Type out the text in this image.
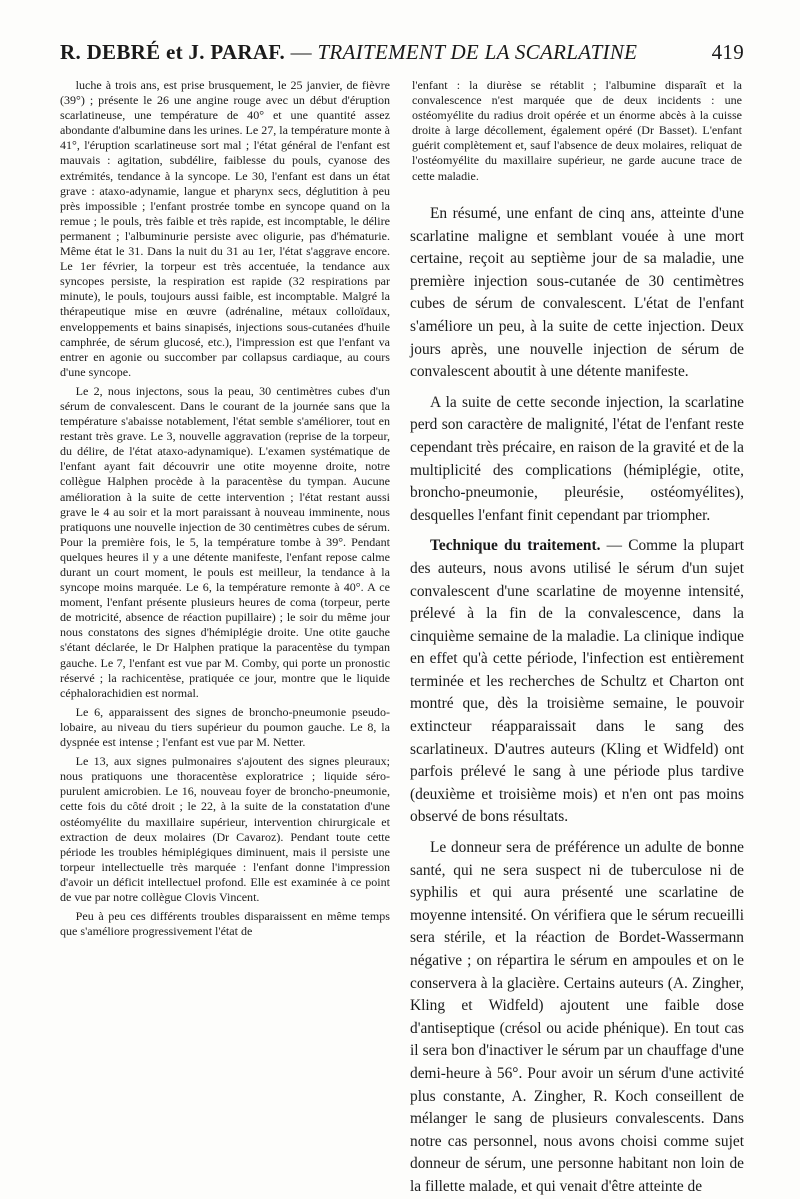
R. DEBRÉ et J. PARAF. — TRAITEMENT DE LA SCARLATINE	419

luche à trois ans, est prise brusquement, le 25 janvier, de fièvre (39°) ; présente le 26 une angine rouge avec un début d'éruption scarlatineuse, une température de 40° et une quantité assez abondante d'albumine dans les urines. Le 27, la température monte à 41°, l'éruption scarlatineuse sort mal ; l'état général de l'enfant est mauvais : agitation, subdélire, faiblesse du pouls, cyanose des extrémités, tendance à la syncope. Le 30, l'enfant est dans un état grave : ataxo-adynamie, langue et pharynx secs, déglutition à peu près impossible ; l'enfant prostrée tombe en syncope quand on la remue ; le pouls, très faible et très rapide, est incomptable, le délire permanent ; l'albuminurie persiste avec oligurie, pas d'hématurie. Même état le 31. Dans la nuit du 31 au 1er, l'état s'aggrave encore. Le 1er février, la torpeur est très accentuée, la tendance aux syncopes persiste, la respiration est rapide (32 respirations par minute), le pouls, toujours aussi faible, est incomptable. Malgré la thérapeutique mise en œuvre (adrénaline, métaux colloïdaux, enveloppements et bains sinapisés, injections sous-cutanées d'huile camphrée, de sérum glucosé, etc.), l'impression est que l'enfant va entrer en agonie ou succomber par collapsus cardiaque, au cours d'une syncope.

Le 2, nous injectons, sous la peau, 30 centimètres cubes d'un sérum de convalescent. Dans le courant de la journée sans que la température s'abaisse notablement, l'état semble s'améliorer, tout en restant très grave. Le 3, nouvelle aggravation (reprise de la torpeur, du délire, de l'état ataxo-adynamique). L'examen systématique de l'enfant ayant fait découvrir une otite moyenne droite, notre collègue Halphen procède à la paracentèse du tympan. Aucune amélioration à la suite de cette intervention ; l'état restant aussi grave le 4 au soir et la mort paraissant à nouveau imminente, nous pratiquons une nouvelle injection de 30 centimètres cubes de sérum. Pour la première fois, le 5, la température tombe à 39°. Pendant quelques heures il y a une détente manifeste, l'enfant repose calme durant un court moment, le pouls est meilleur, la tendance à la syncope moins marquée. Le 6, la température remonte à 40°. A ce moment, l'enfant présente plusieurs heures de coma (torpeur, perte de motricité, absence de réaction pupillaire) ; le soir du même jour nous constatons des signes d'hémiplégie droite. Une otite gauche s'étant déclarée, le Dr Halphen pratique la paracentèse du tympan gauche. Le 7, l'enfant est vue par M. Comby, qui porte un pronostic réservé ; la rachicentèse, pratiquée ce jour, montre que le liquide céphalorachidien est normal.

Le 6, apparaissent des signes de broncho-pneumonie pseudo-lobaire, au niveau du tiers supérieur du poumon gauche. Le 8, la dyspnée est intense ; l'enfant est vue par M. Netter.

Le 13, aux signes pulmonaires s'ajoutent des signes pleuraux; nous pratiquons une thoracentèse exploratrice ; liquide séro-purulent amicrobien. Le 16, nouveau foyer de broncho-pneumonie, cette fois du côté droit ; le 22, à la suite de la constatation d'une ostéomyélite du maxillaire supérieur, intervention chirurgicale et extraction de deux molaires (Dr Cavaroz). Pendant toute cette période les troubles hémiplégiques diminuent, mais il persiste une torpeur intellectuelle très marquée : l'enfant donne l'impression d'avoir un déficit intellectuel profond. Elle est examinée à ce point de vue par notre collègue Clovis Vincent.

Peu à peu ces différents troubles disparaissent en même temps que s'améliore progressivement l'état de

l'enfant : la diurèse se rétablit ; l'albumine disparaît et la convalescence n'est marquée que de deux incidents : une ostéomyélite du radius droit opérée et un énorme abcès à la cuisse droite à large décollement, également opéré (Dr Basset). L'enfant guérit complètement et, sauf l'absence de deux molaires, reliquat de l'ostéomyélite du maxillaire supérieur, ne garde aucune trace de cette maladie.

En résumé, une enfant de cinq ans, atteinte d'une scarlatine maligne et semblant vouée à une mort certaine, reçoit au septième jour de sa maladie, une première injection sous-cutanée de 30 centimètres cubes de sérum de convalescent. L'état de l'enfant s'améliore un peu, à la suite de cette injection. Deux jours après, une nouvelle injection de sérum de convalescent aboutit à une détente manifeste.

A la suite de cette seconde injection, la scarlatine perd son caractère de malignité, l'état de l'enfant reste cependant très précaire, en raison de la gravité et de la multiplicité des complications (hémiplégie, otite, broncho-pneumonie, pleurésie, ostéomyélites), desquelles l'enfant finit cependant par triompher.

Technique du traitement. — Comme la plupart des auteurs, nous avons utilisé le sérum d'un sujet convalescent d'une scarlatine de moyenne intensité, prélevé à la fin de la convalescence, dans la cinquième semaine de la maladie. La clinique indique en effet qu'à cette période, l'infection est entièrement terminée et les recherches de Schultz et Charton ont montré que, dès la troisième semaine, le pouvoir extincteur réapparaissait dans le sang des scarlatineux. D'autres auteurs (Kling et Widfeld) ont parfois prélevé le sang à une période plus tardive (deuxième et troisième mois) et n'en ont pas moins observé de bons résultats.

Le donneur sera de préférence un adulte de bonne santé, qui ne sera suspect ni de tuberculose ni de syphilis et qui aura présenté une scarlatine de moyenne intensité. On vérifiera que le sérum recueilli sera stérile, et la réaction de Bordet-Wassermann négative ; on répartira le sérum en ampoules et on le conservera à la glacière. Certains auteurs (A. Zingher, Kling et Widfeld) ajoutent une faible dose d'antiseptique (crésol ou acide phénique). En tout cas il sera bon d'inactiver le sérum par un chauffage d'une demi-heure à 56°. Pour avoir un sérum d'une activité plus constante, A. Zingher, R. Koch conseillent de mélanger le sang de plusieurs convalescents. Dans notre cas personnel, nous avons choisi comme sujet donneur de sérum, une personne habitant non loin de la fillette malade, et qui venait d'être atteinte de
